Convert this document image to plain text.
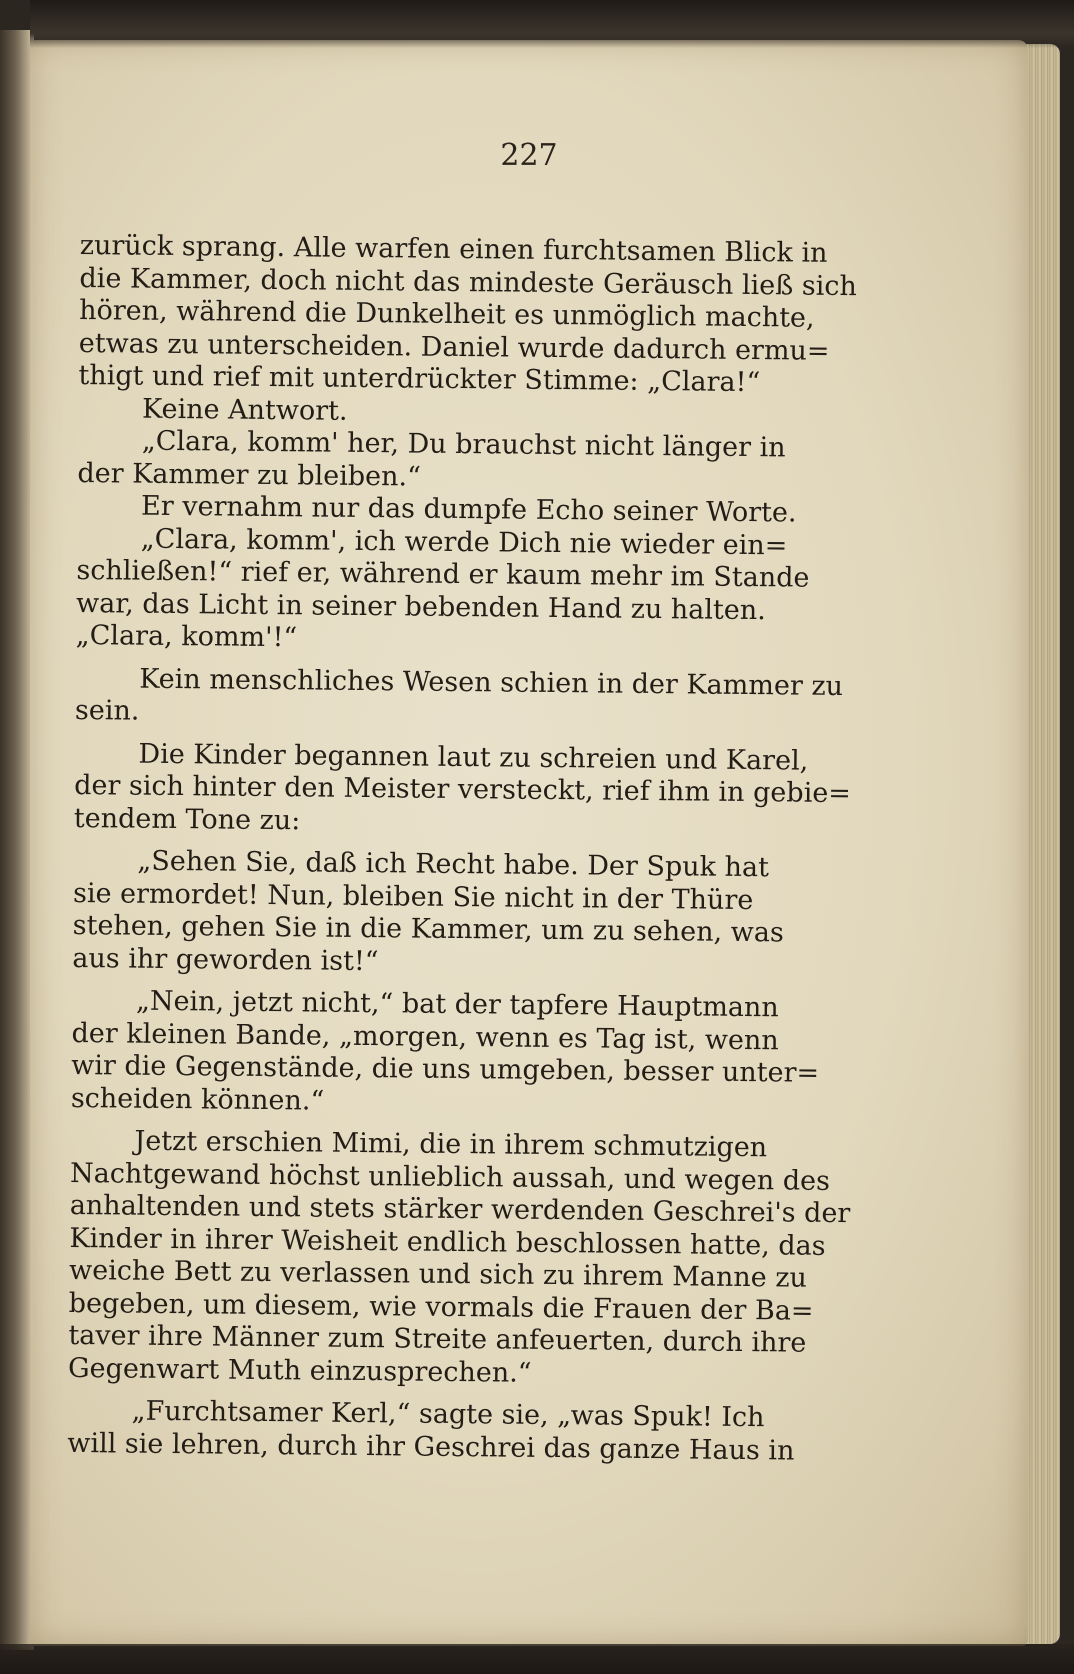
227
zurück sprang. Alle warfen einen furchtsamen Blick in
die Kammer, doch nicht das mindeste Geräusch ließ sich
hören, während die Dunkelheit es unmöglich machte,
etwas zu unterscheiden. Daniel wurde dadurch ermu=
thigt und rief mit unterdrückter Stimme: „Clara!“
Keine Antwort.
„Clara, komm' her, Du brauchst nicht länger in
der Kammer zu bleiben.“
Er vernahm nur das dumpfe Echo seiner Worte.
„Clara, komm', ich werde Dich nie wieder ein=
schließen!“ rief er, während er kaum mehr im Stande
war, das Licht in seiner bebenden Hand zu halten.
„Clara, komm'!“
Kein menschliches Wesen schien in der Kammer zu
sein.
Die Kinder begannen laut zu schreien und Karel,
der sich hinter den Meister versteckt, rief ihm in gebie=
tendem Tone zu:
„Sehen Sie, daß ich Recht habe. Der Spuk hat
sie ermordet! Nun, bleiben Sie nicht in der Thüre
stehen, gehen Sie in die Kammer, um zu sehen, was
aus ihr geworden ist!“
„Nein, jetzt nicht,“ bat der tapfere Hauptmann
der kleinen Bande, „morgen, wenn es Tag ist, wenn
wir die Gegenstände, die uns umgeben, besser unter=
scheiden können.“
Jetzt erschien Mimi, die in ihrem schmutzigen
Nachtgewand höchst unlieblich aussah, und wegen des
anhaltenden und stets stärker werdenden Geschrei's der
Kinder in ihrer Weisheit endlich beschlossen hatte, das
weiche Bett zu verlassen und sich zu ihrem Manne zu
begeben, um diesem, wie vormals die Frauen der Ba=
taver ihre Männer zum Streite anfeuerten, durch ihre
Gegenwart Muth einzusprechen.“
„Furchtsamer Kerl,“ sagte sie, „was Spuk! Ich
will sie lehren, durch ihr Geschrei das ganze Haus in
